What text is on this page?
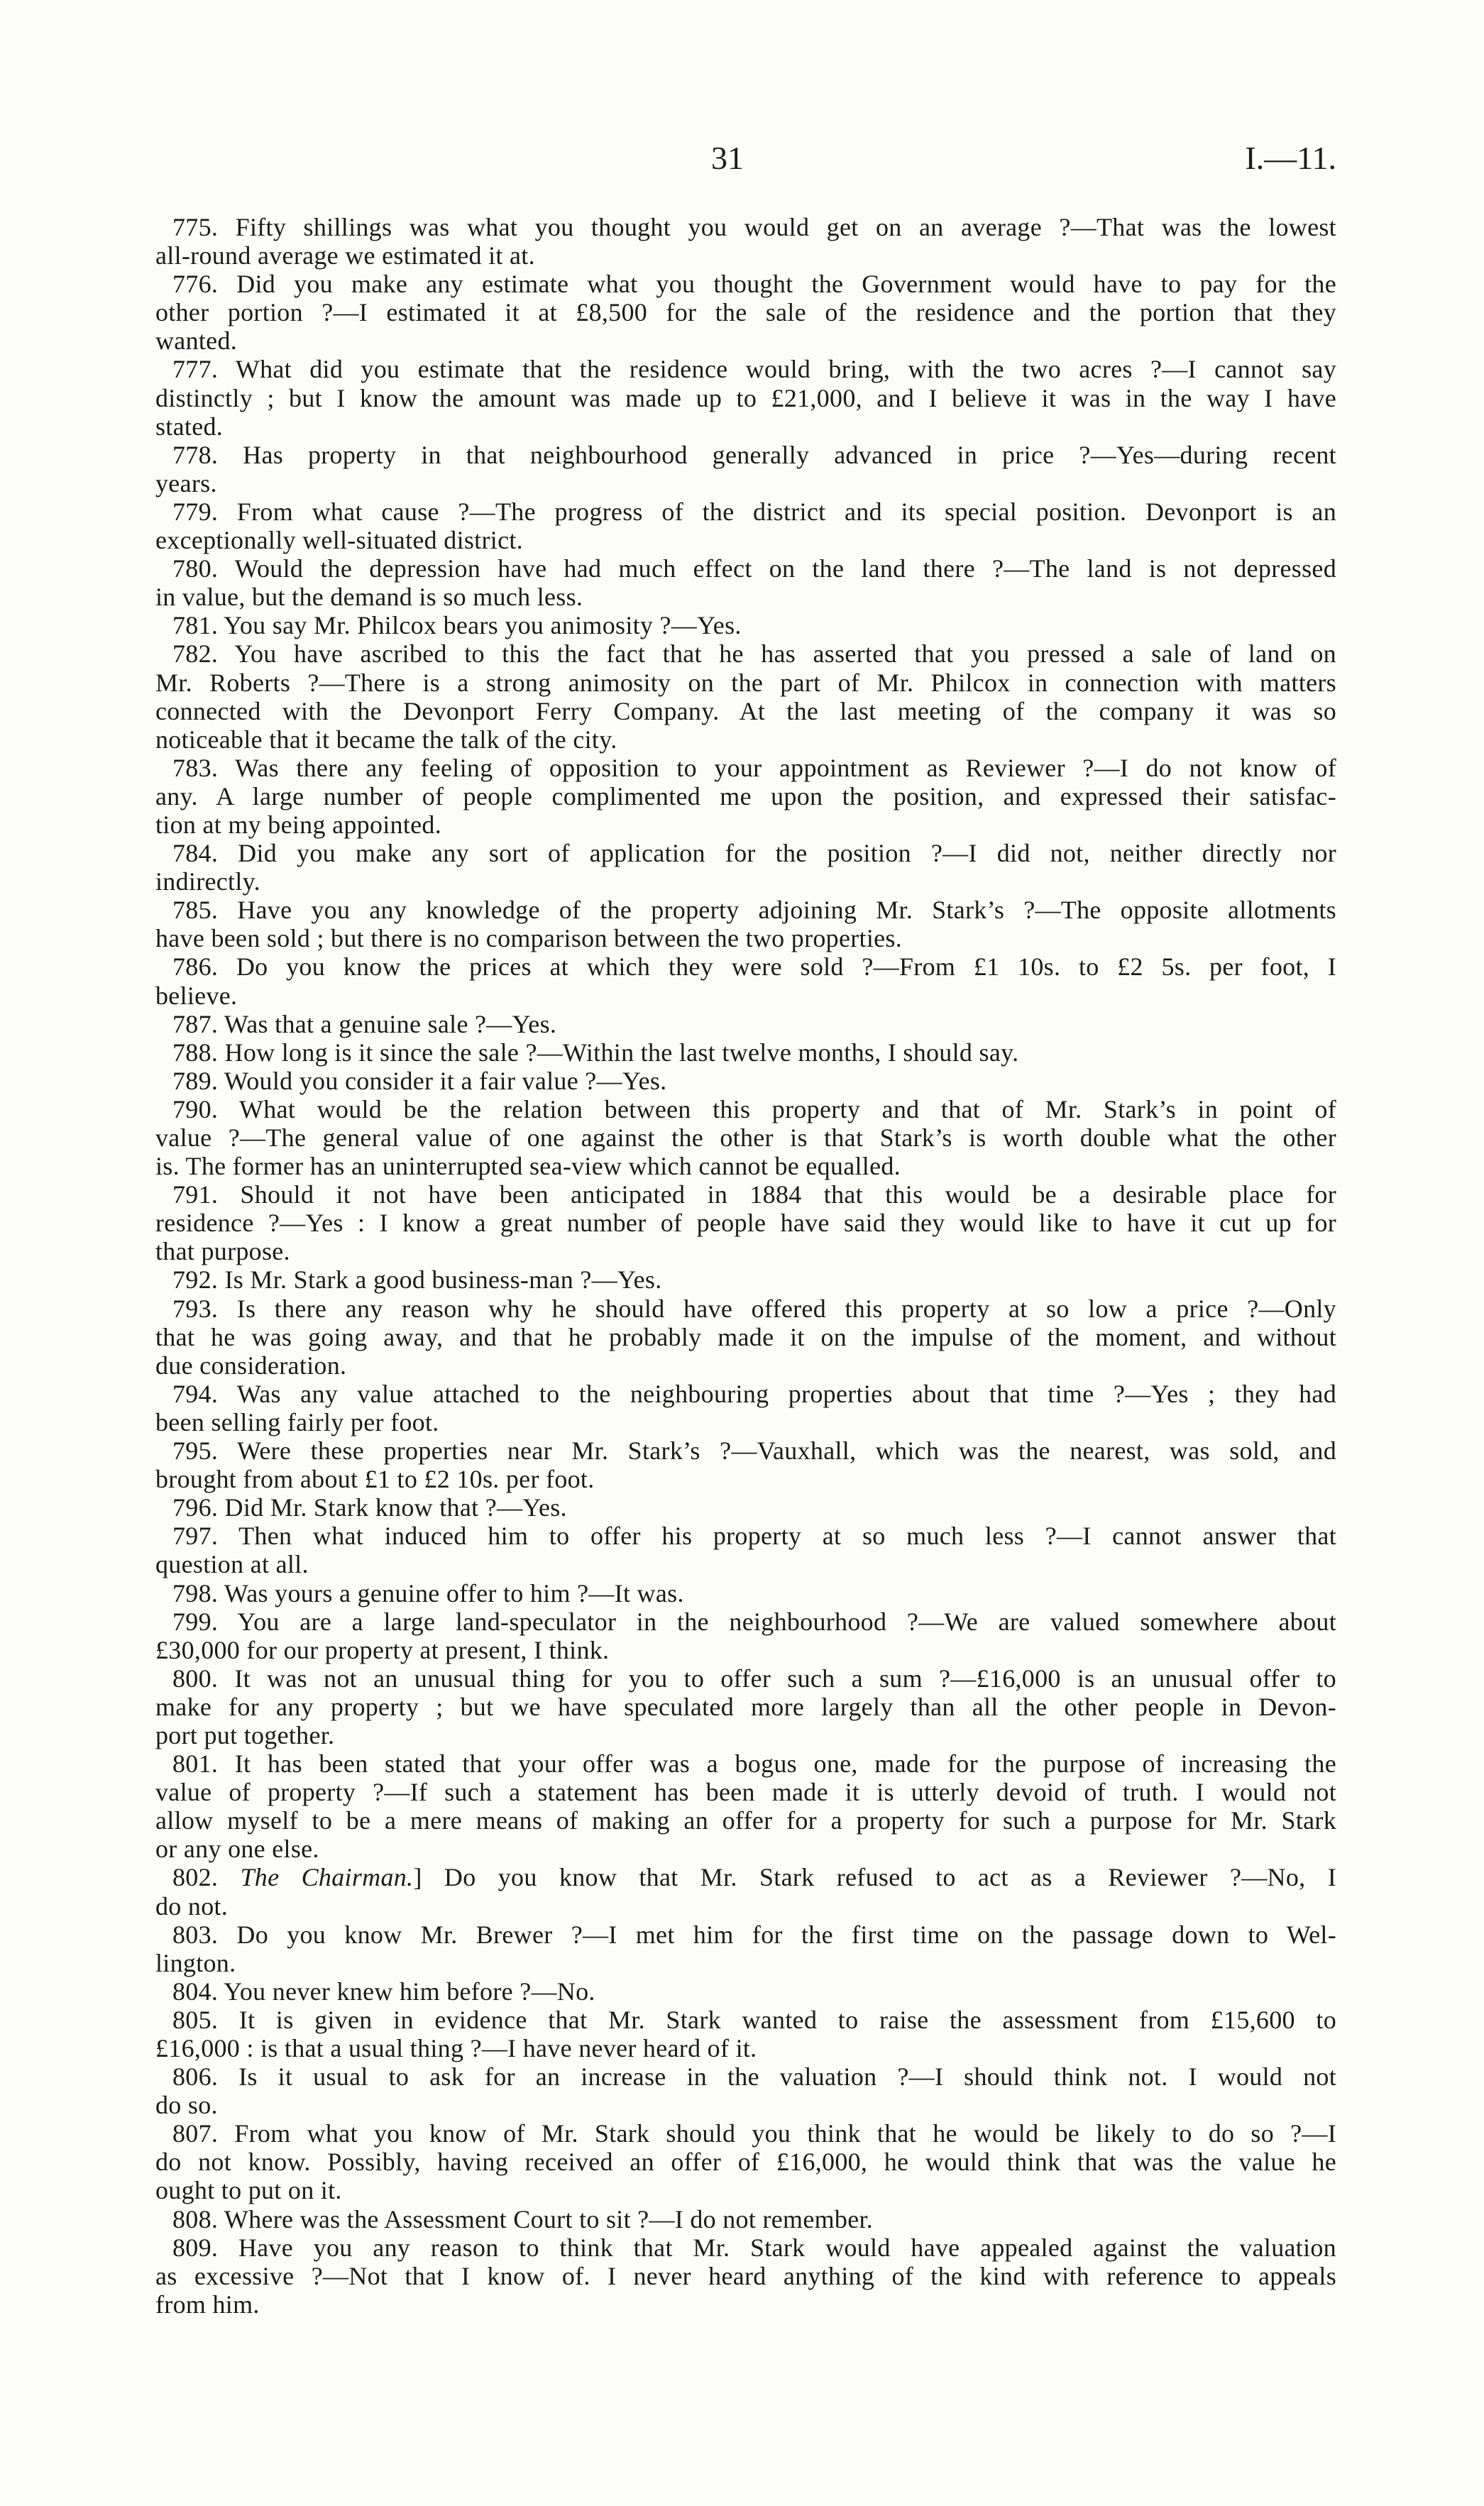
31	I.—11.
775. Fifty shillings was what you thought you would get on an average ?—That was the lowest
all-round average we estimated it at.
776. Did you make any estimate what you thought the Government would have to pay for the
other portion ?—I estimated it at £8,500 for the sale of the residence and the portion that they
wanted.
777. What did you estimate that the residence would bring, with the two acres ?—I cannot say
distinctly ; but I know the amount was made up to £21,000, and I believe it was in the way I have
stated.
778. Has property in that neighbourhood generally advanced in price ?—Yes—during recent
years.
779. From what cause ?—The progress of the district and its special position. Devonport is an
exceptionally well-situated district.
780. Would the depression have had much effect on the land there ?—The land is not depressed
in value, but the demand is so much less.
781. You say Mr. Philcox bears you animosity ?—Yes.
782. You have ascribed to this the fact that he has asserted that you pressed a sale of land on
Mr. Roberts ?—There is a strong animosity on the part of Mr. Philcox in connection with matters
connected with the Devonport Ferry Company. At the last meeting of the company it was so
noticeable that it became the talk of the city.
783. Was there any feeling of opposition to your appointment as Reviewer ?—I do not know of
any. A large number of people complimented me upon the position, and expressed their satisfac-
tion at my being appointed.
784. Did you make any sort of application for the position ?—I did not, neither directly nor
indirectly.
785. Have you any knowledge of the property adjoining Mr. Stark’s ?—The opposite allotments
have been sold ; but there is no comparison between the two properties.
786. Do you know the prices at which they were sold ?—From £1 10s. to £2 5s. per foot, I
believe.
787. Was that a genuine sale ?—Yes.
788. How long is it since the sale ?—Within the last twelve months, I should say.
789. Would you consider it a fair value ?—Yes.
790. What would be the relation between this property and that of Mr. Stark’s in point of
value ?—The general value of one against the other is that Stark’s is worth double what the other
is. The former has an uninterrupted sea-view which cannot be equalled.
791. Should it not have been anticipated in 1884 that this would be a desirable place for
residence ?—Yes : I know a great number of people have said they would like to have it cut up for
that purpose.
792. Is Mr. Stark a good business-man ?—Yes.
793. Is there any reason why he should have offered this property at so low a price ?—Only
that he was going away, and that he probably made it on the impulse of the moment, and without
due consideration.
794. Was any value attached to the neighbouring properties about that time ?—Yes ; they had
been selling fairly per foot.
795. Were these properties near Mr. Stark’s ?—Vauxhall, which was the nearest, was sold, and
brought from about £1 to £2 10s. per foot.
796. Did Mr. Stark know that ?—Yes.
797. Then what induced him to offer his property at so much less ?—I cannot answer that
question at all.
798. Was yours a genuine offer to him ?—It was.
799. You are a large land-speculator in the neighbourhood ?—We are valued somewhere about
£30,000 for our property at present, I think.
800. It was not an unusual thing for you to offer such a sum ?—£16,000 is an unusual offer to
make for any property ; but we have speculated more largely than all the other people in Devon-
port put together.
801. It has been stated that your offer was a bogus one, made for the purpose of increasing the
value of property ?—If such a statement has been made it is utterly devoid of truth. I would not
allow myself to be a mere means of making an offer for a property for such a purpose for Mr. Stark
or any one else.
802. The Chairman.] Do you know that Mr. Stark refused to act as a Reviewer ?—No, I
do not.
803. Do you know Mr. Brewer ?—I met him for the first time on the passage down to Wel-
lington.
804. You never knew him before ?—No.
805. It is given in evidence that Mr. Stark wanted to raise the assessment from £15,600 to
£16,000 : is that a usual thing ?—I have never heard of it.
806. Is it usual to ask for an increase in the valuation ?—I should think not. I would not
do so.
807. From what you know of Mr. Stark should you think that he would be likely to do so ?—I
do not know. Possibly, having received an offer of £16,000, he would think that was the value he
ought to put on it.
808. Where was the Assessment Court to sit ?—I do not remember.
809. Have you any reason to think that Mr. Stark would have appealed against the valuation
as excessive ?—Not that I know of. I never heard anything of the kind with reference to appeals
from him.
